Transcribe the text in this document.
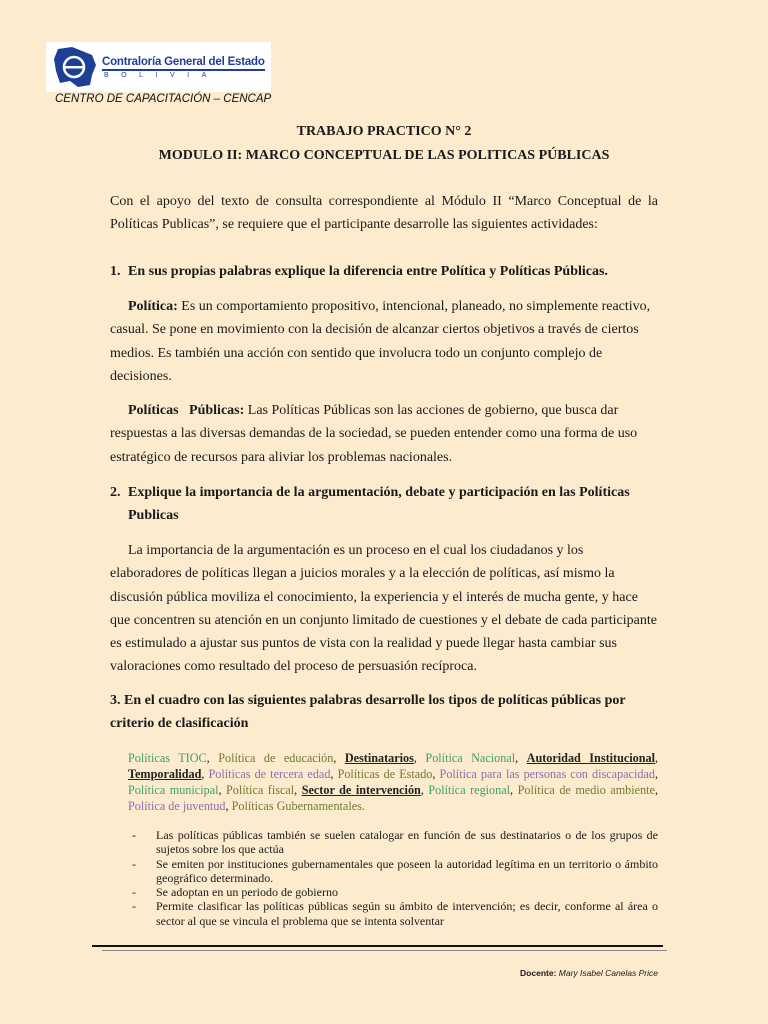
Contraloría General del Estado
BOLIVIA
CENTRO DE CAPACITACIÓN – CENCAP
TRABAJO PRACTICO N° 2
MODULO II: MARCO CONCEPTUAL DE LAS POLITICAS PÚBLICAS
Con el apoyo del texto de consulta correspondiente al Módulo II “Marco Conceptual de la Políticas Publicas”, se requiere que el participante desarrolle las siguientes actividades:
1. En sus propias palabras explique la diferencia entre Política y Políticas Públicas.
Política: Es un comportamiento propositivo, intencional, planeado, no simplemente reactivo, casual. Se pone en movimiento con la decisión de alcanzar ciertos objetivos a través de ciertos medios. Es también una acción con sentido que involucra todo un conjunto complejo de decisiones.
Políticas   Públicas: Las Políticas Públicas son las acciones de gobierno, que busca dar respuestas a las diversas demandas de la sociedad, se pueden entender como una forma de uso estratégico de recursos para aliviar los problemas nacionales.
2. Explique la importancia de la argumentación, debate y participación en las Políticas Publicas
La importancia de la argumentación es un proceso en el cual los ciudadanos y los elaboradores de políticas llegan a juicios morales y a la elección de políticas, así mismo la discusión pública moviliza el conocimiento, la experiencia y el interés de mucha gente, y hace que concentren su atención en un conjunto limitado de cuestiones y el debate de cada participante es estimulado a ajustar sus puntos de vista con la realidad y puede llegar hasta cambiar sus valoraciones como resultado del proceso de persuasión recíproca.
3. En el cuadro con las siguientes palabras desarrolle los tipos de políticas públicas por criterio de clasificación
Políticas TIOC, Política de educación, Destinatarios, Política Nacional, Autoridad Institucional, Temporalidad, Políticas de tercera edad, Políticas de Estado, Política para las personas con discapacidad, Política municipal, Política fiscal, Sector de intervención, Política regional, Política de medio ambiente, Política de juventud, Políticas Gubernamentales.
- Las políticas públicas también se suelen catalogar en función de sus destinatarios o de los grupos de sujetos sobre los que actúa
- Se emiten por instituciones gubernamentales que poseen la autoridad legítima en un territorio o ámbito geográfico determinado.
- Se adoptan en un periodo de gobierno
- Permite clasificar las políticas públicas según su ámbito de intervención; es decir, conforme al área o sector al que se vincula el problema que se intenta solventar
Docente: Mary Isabel Canelas Price
